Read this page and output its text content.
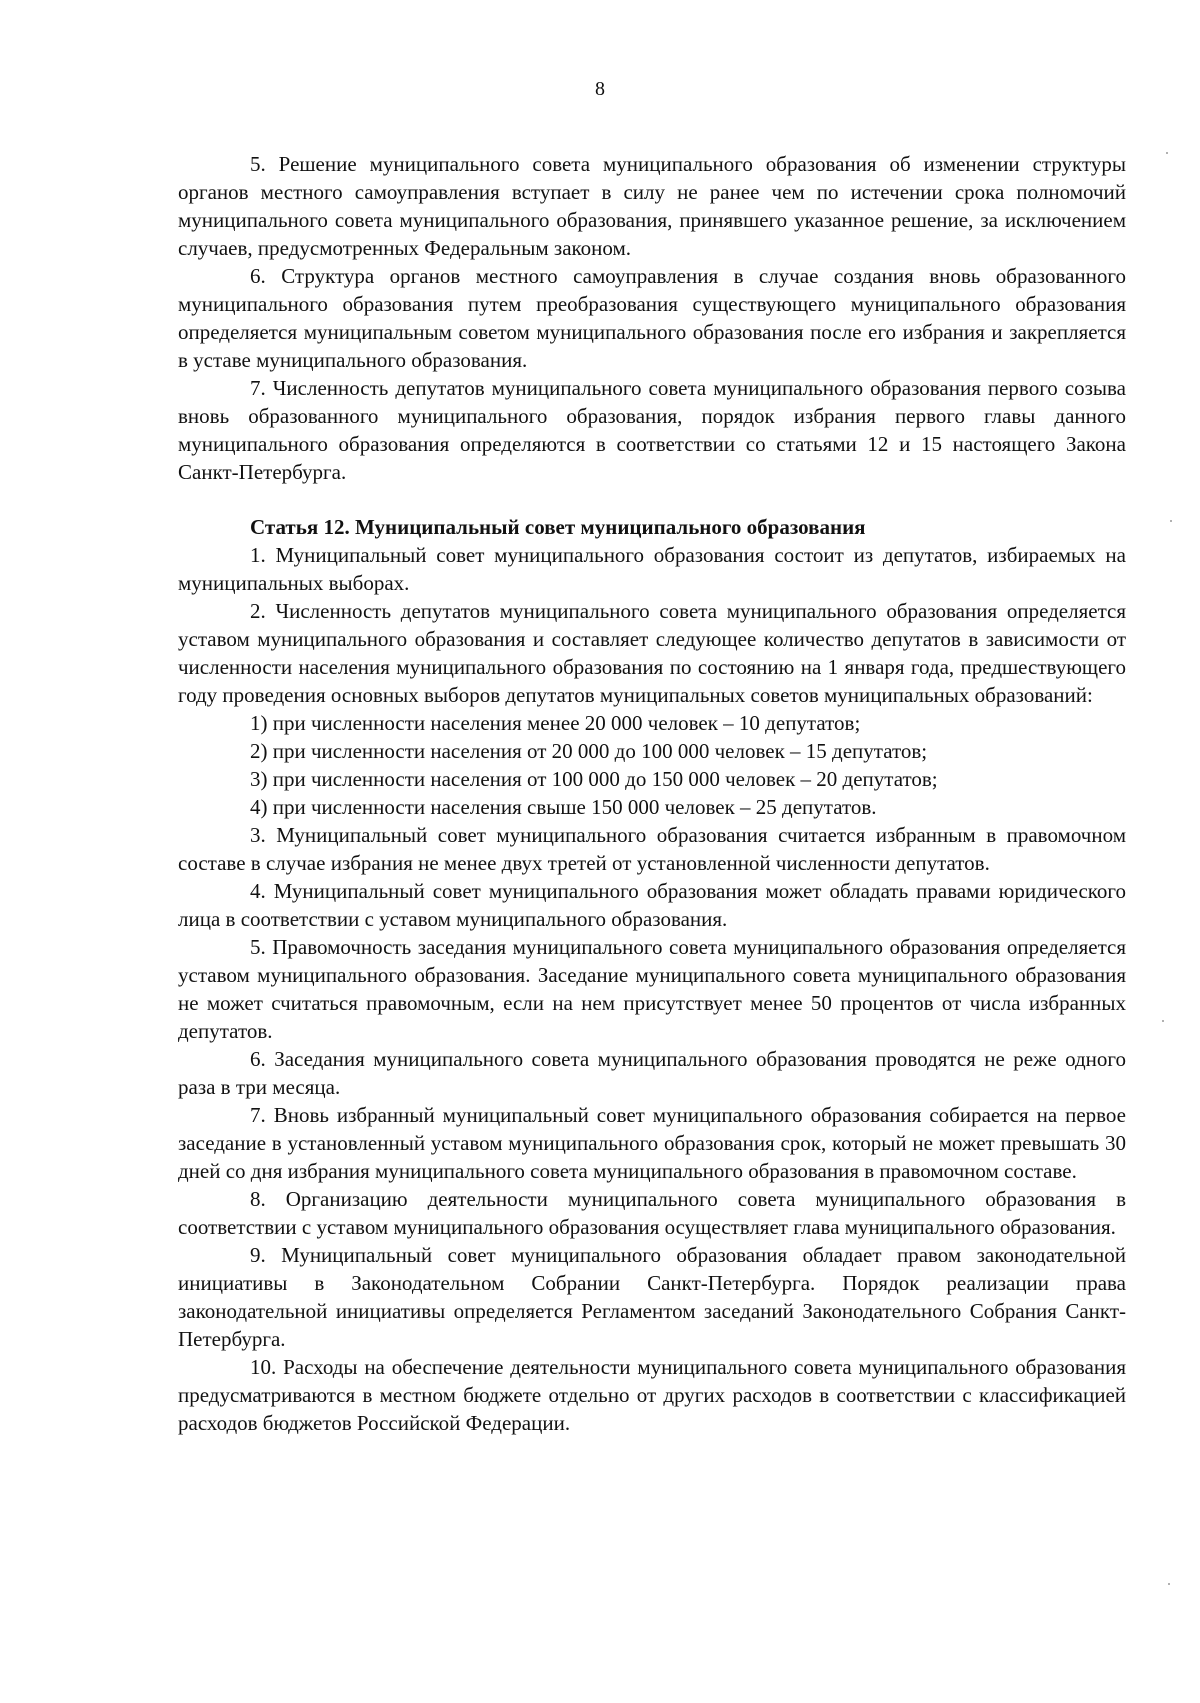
8

5. Решение муниципального совета муниципального образования об изменении структуры органов местного самоуправления вступает в силу не ранее чем по истечении срока полномочий муниципального совета муниципального образования, принявшего указанное решение, за исключением случаев, предусмотренных Федеральным законом.

6. Структура органов местного самоуправления в случае создания вновь образованного муниципального образования путем преобразования существующего муниципального образования определяется муниципальным советом муниципального образования после его избрания и закрепляется в уставе муниципального образования.

7. Численность депутатов муниципального совета муниципального образования первого созыва вновь образованного муниципального образования, порядок избрания первого главы данного муниципального образования определяются в соответствии со статьями 12 и 15 настоящего Закона Санкт-Петербурга.

Статья 12. Муниципальный совет муниципального образования

1. Муниципальный совет муниципального образования состоит из депутатов, избираемых на муниципальных выборах.

2. Численность депутатов муниципального совета муниципального образования определяется уставом муниципального образования и составляет следующее количество депутатов в зависимости от численности населения муниципального образования по состоянию на 1 января года, предшествующего году проведения основных выборов депутатов муниципальных советов муниципальных образований:

1) при численности населения менее 20 000 человек – 10 депутатов;

2) при численности населения от 20 000 до 100 000 человек – 15 депутатов;

3) при численности населения от 100 000 до 150 000 человек – 20 депутатов;

4) при численности населения свыше 150 000 человек – 25 депутатов.

3. Муниципальный совет муниципального образования считается избранным в правомочном составе в случае избрания не менее двух третей от установленной численности депутатов.

4. Муниципальный совет муниципального образования может обладать правами юридического лица в соответствии с уставом муниципального образования.

5. Правомочность заседания муниципального совета муниципального образования определяется уставом муниципального образования. Заседание муниципального совета муниципального образования не может считаться правомочным, если на нем присутствует менее 50 процентов от числа избранных депутатов.

6. Заседания муниципального совета муниципального образования проводятся не реже одного раза в три месяца.

7. Вновь избранный муниципальный совет муниципального образования собирается на первое заседание в установленный уставом муниципального образования срок, который не может превышать 30 дней со дня избрания муниципального совета муниципального образования в правомочном составе.

8. Организацию деятельности муниципального совета муниципального образования в соответствии с уставом муниципального образования осуществляет глава муниципального образования.

9. Муниципальный совет муниципального образования обладает правом законодательной инициативы в Законодательном Собрании Санкт-Петербурга. Порядок реализации права законодательной инициативы определяется Регламентом заседаний Законодательного Собрания Санкт-Петербурга.

10. Расходы на обеспечение деятельности муниципального совета муниципального образования предусматриваются в местном бюджете отдельно от других расходов в соответствии с классификацией расходов бюджетов Российской Федерации.
